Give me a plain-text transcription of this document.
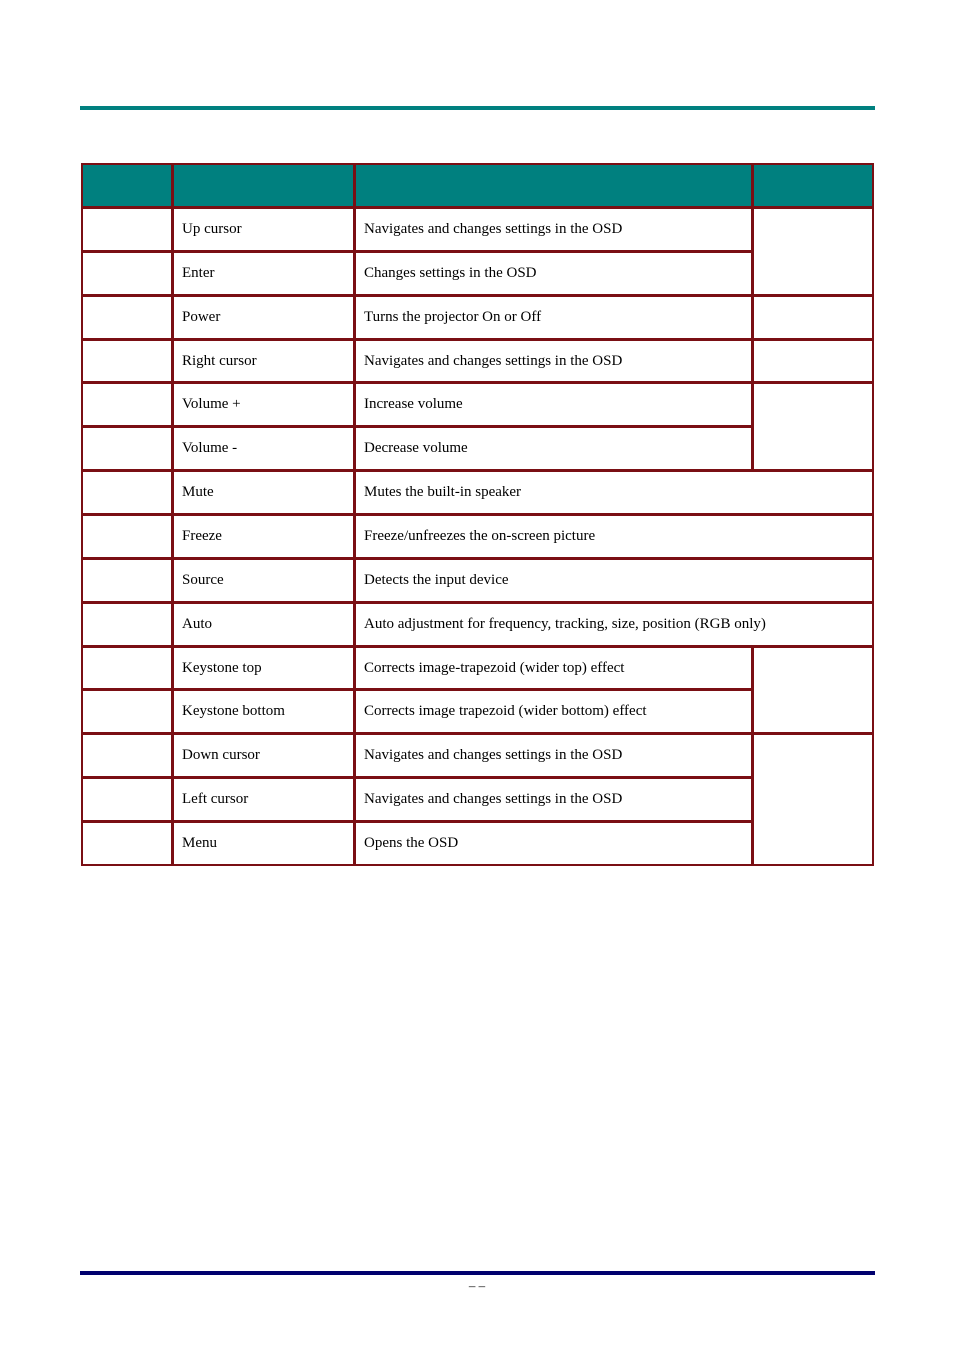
Up cursor	Navigates and changes settings in the OSD
Enter	Changes settings in the OSD
Power	Turns the projector On or Off
Right cursor	Navigates and changes settings in the OSD
Volume +	Increase volume
Volume -	Decrease volume
Mute	Mutes the built-in speaker
Freeze	Freeze/unfreezes the on-screen picture
Source	Detects the input device
Auto	Auto adjustment for frequency, tracking, size, position (RGB only)
Keystone top	Corrects image-trapezoid (wider top) effect
Keystone bottom	Corrects image trapezoid (wider bottom) effect
Down cursor	Navigates and changes settings in the OSD
Left cursor	Navigates and changes settings in the OSD
Menu	Opens the OSD
– –
